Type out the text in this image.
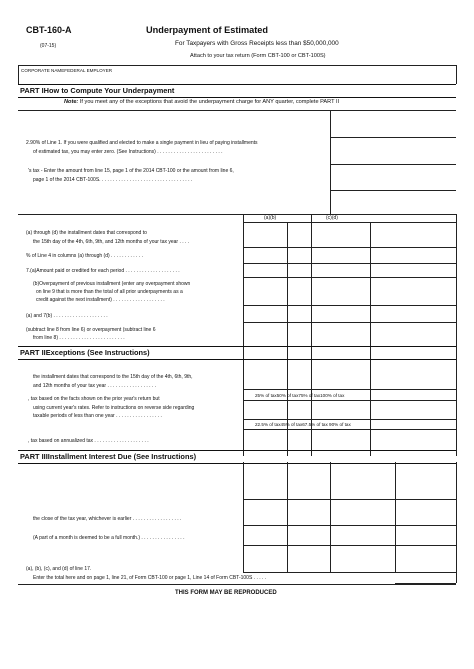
CBT-160-A
(07-15)
Underpayment of Estimated
For Taxpayers with Gross Receipts less than $50,000,000
Attach to your tax return (Form CBT-100 or CBT-100S)
CORPORATE NAMEFEDERAL EMPLOYER
PART IHow to Compute Your Underpayment
Note: If you meet any of the exceptions that avoid the underpayment charge for ANY quarter, complete PART II
2.90% of Line 1. If you were qualified and elected to make a single payment in lieu of paying installments
of estimated tax, you may enter zero. (See Instructions) . . . . . . . . . . . . . . . . . . . . . . . .
's tax - Enter the amount from line 15, page 1 of the 2014 CBT-100 or the amount from line 6,
page 1 of the 2014 CBT-100S. . . . . . . . . . . . . . . . . . . . . . . . . . . . . . . . . .
(a)(b)	(c)(d)
(a) through (d) the installment dates that correspond to
the 15th day of the 4th, 6th, 9th, and 12th months of your tax year . . . .
% of Line 4 in columns (a) through (d) . . . . . . . . . . . .
7.(a)Amount paid or credited for each period . . . . . . . . . . . . . . . . . . . .
(b)Overpayment of previous installment (enter any overpayment shown
on line 9 that is more than the total of all prior underpayments as a
credit against the next installment) . . . . . . . . . . . . . . . . . . .
(a) and 7(b) . . . . . . . . . . . . . . . . . . . .
(subtract line 8 from line 6) or overpayment (subtract line 6
from line 8) . . . . . . . . . . . . . . . . . . . . . . . .
PART IIExceptions (See Instructions)
the installment dates that correspond to the 15th day of the 4th, 6th, 9th,
and 12th months of your tax year . . . . . . . . . . . . . . . . . .
25% of tax50% of tax75% of tax100% of tax
, tax based on the facts shown on the prior year's return but
using current year's rates. Refer to instructions on reverse side regarding
taxable periods of less than one year . . . . . . . . . . . . . . . . .
22.5% of tax45% of tax67.5% of tax 90% of tax
, tax based on annualized tax . . . . . . . . . . . . . . . . . . . .
PART IIIInstallment Interest Due (See Instructions)
the close of the tax year, whichever is earlier . . . . . . . . . . . . . . . . . .
(A part of a month is deemed to be a full month.) . . . . . . . . . . . . . . . .
(a), (b), (c), and (d) of line 17.
Enter the total here and on page 1, line 21, of Form CBT-100 or page 1, Line 14 of Form CBT-100S . . . . .
THIS FORM MAY BE REPRODUCED
